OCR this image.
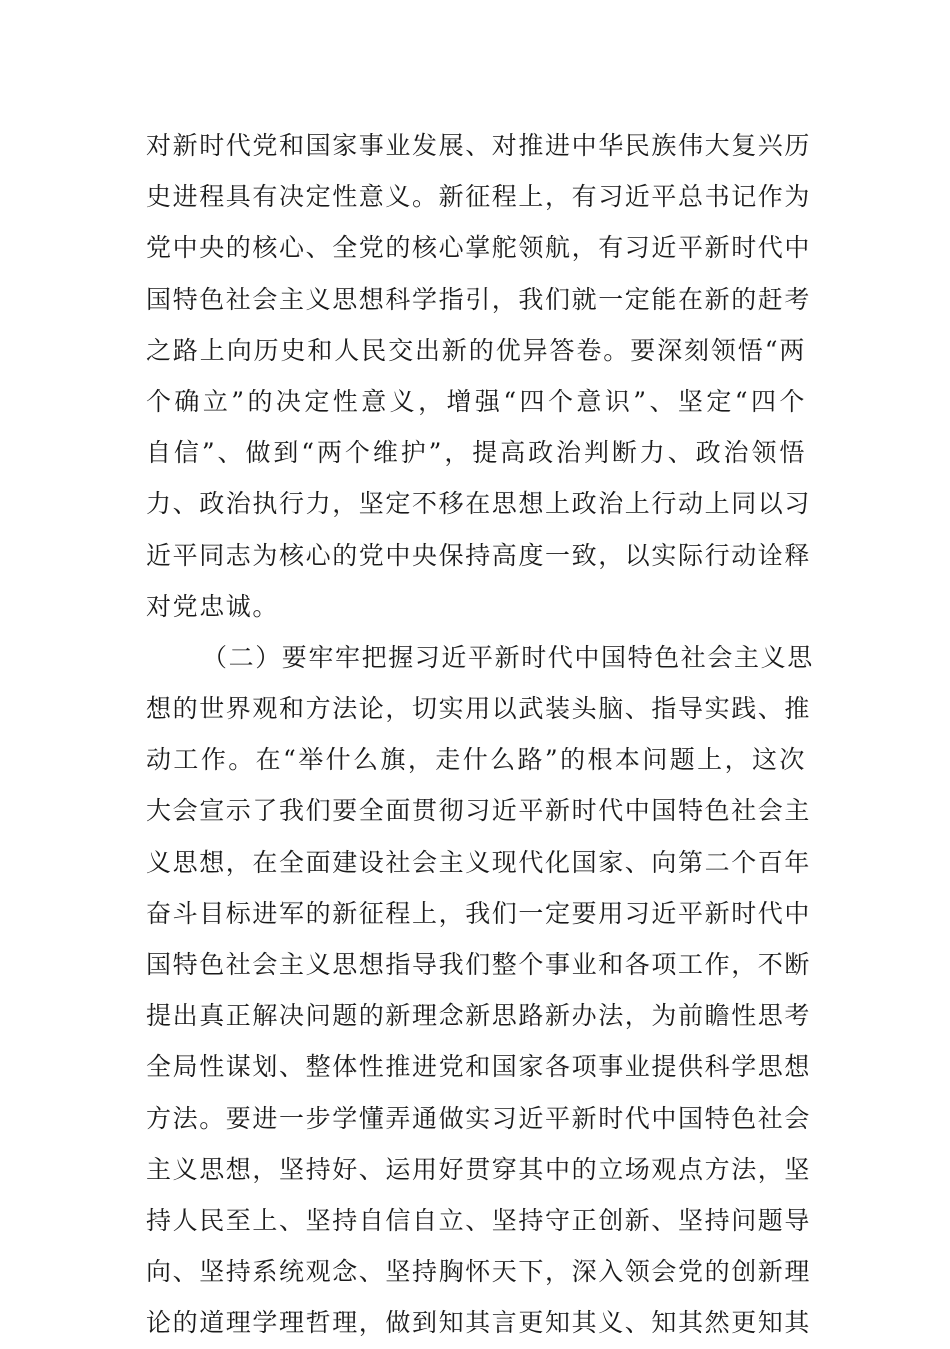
对新时代党和国家事业发展、对推进中华民族伟大复兴历
史进程具有决定性意义。新征程上，有习近平总书记作为
党中央的核心、全党的核心掌舵领航，有习近平新时代中
国特色社会主义思想科学指引，我们就一定能在新的赶考
之路上向历史和人民交出新的优异答卷。要深刻领悟“两
个确立”的决定性意义，增强“四个意识”、坚定“四个
自信”、做到“两个维护”，提高政治判断力、政治领悟
力、政治执行力，坚定不移在思想上政治上行动上同以习
近平同志为核心的党中央保持高度一致，以实际行动诠释
对党忠诚。
（二）要牢牢把握习近平新时代中国特色社会主义思
想的世界观和方法论，切实用以武装头脑、指导实践、推
动工作。在“举什么旗，走什么路”的根本问题上，这次
大会宣示了我们要全面贯彻习近平新时代中国特色社会主
义思想，在全面建设社会主义现代化国家、向第二个百年
奋斗目标进军的新征程上，我们一定要用习近平新时代中
国特色社会主义思想指导我们整个事业和各项工作，不断
提出真正解决问题的新理念新思路新办法，为前瞻性思考
全局性谋划、整体性推进党和国家各项事业提供科学思想
方法。要进一步学懂弄通做实习近平新时代中国特色社会
主义思想，坚持好、运用好贯穿其中的立场观点方法，坚
持人民至上、坚持自信自立、坚持守正创新、坚持问题导
向、坚持系统观念、坚持胸怀天下，深入领会党的创新理
论的道理学理哲理，做到知其言更知其义、知其然更知其
